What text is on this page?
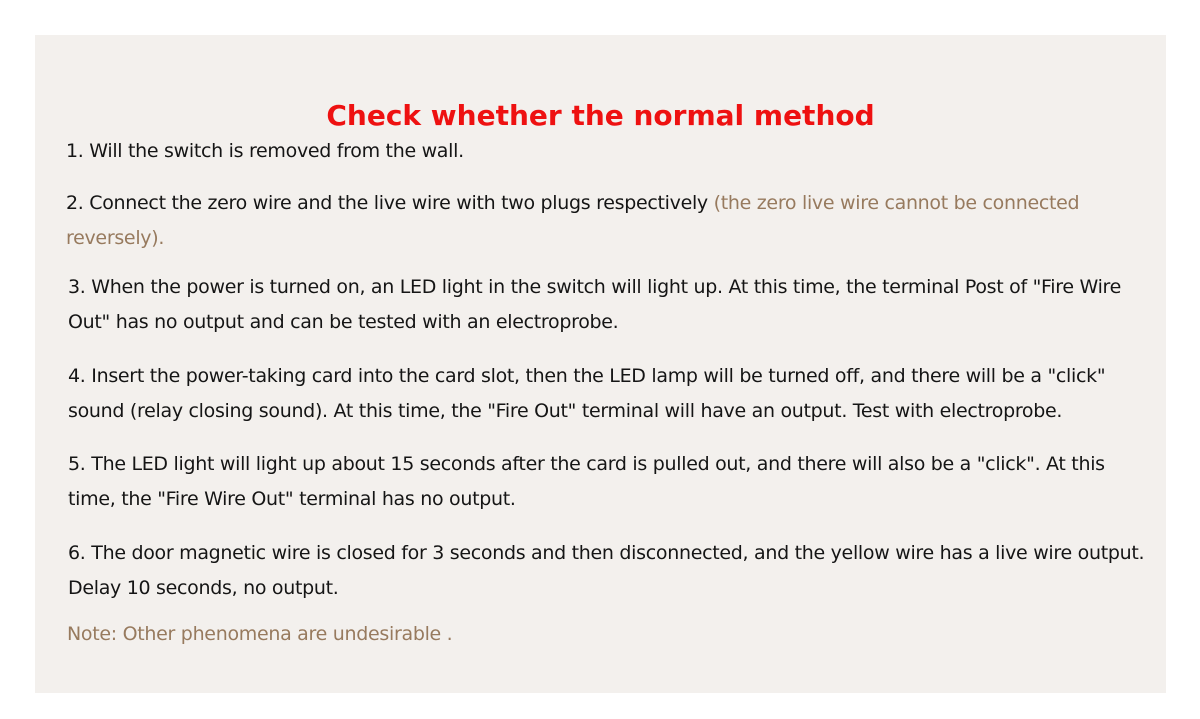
Check whether the normal method

1. Will the switch is removed from the wall.

2. Connect the zero wire and the live wire with two plugs respectively (the zero live wire cannot be connected reversely).

3. When the power is turned on, an LED light in the switch will light up. At this time, the terminal Post of "Fire Wire Out" has no output and can be tested with an electroprobe.

4. Insert the power-taking card into the card slot, then the LED lamp will be turned off, and there will be a "click" sound (relay closing sound). At this time, the "Fire Out" terminal will have an output. Test with electroprobe.

5. The LED light will light up about 15 seconds after the card is pulled out, and there will also be a "click". At this time, the "Fire Wire Out" terminal has no output.

6. The door magnetic wire is closed for 3 seconds and then disconnected, and the yellow wire has a live wire output. Delay 10 seconds, no output.

Note: Other phenomena are undesirable .
